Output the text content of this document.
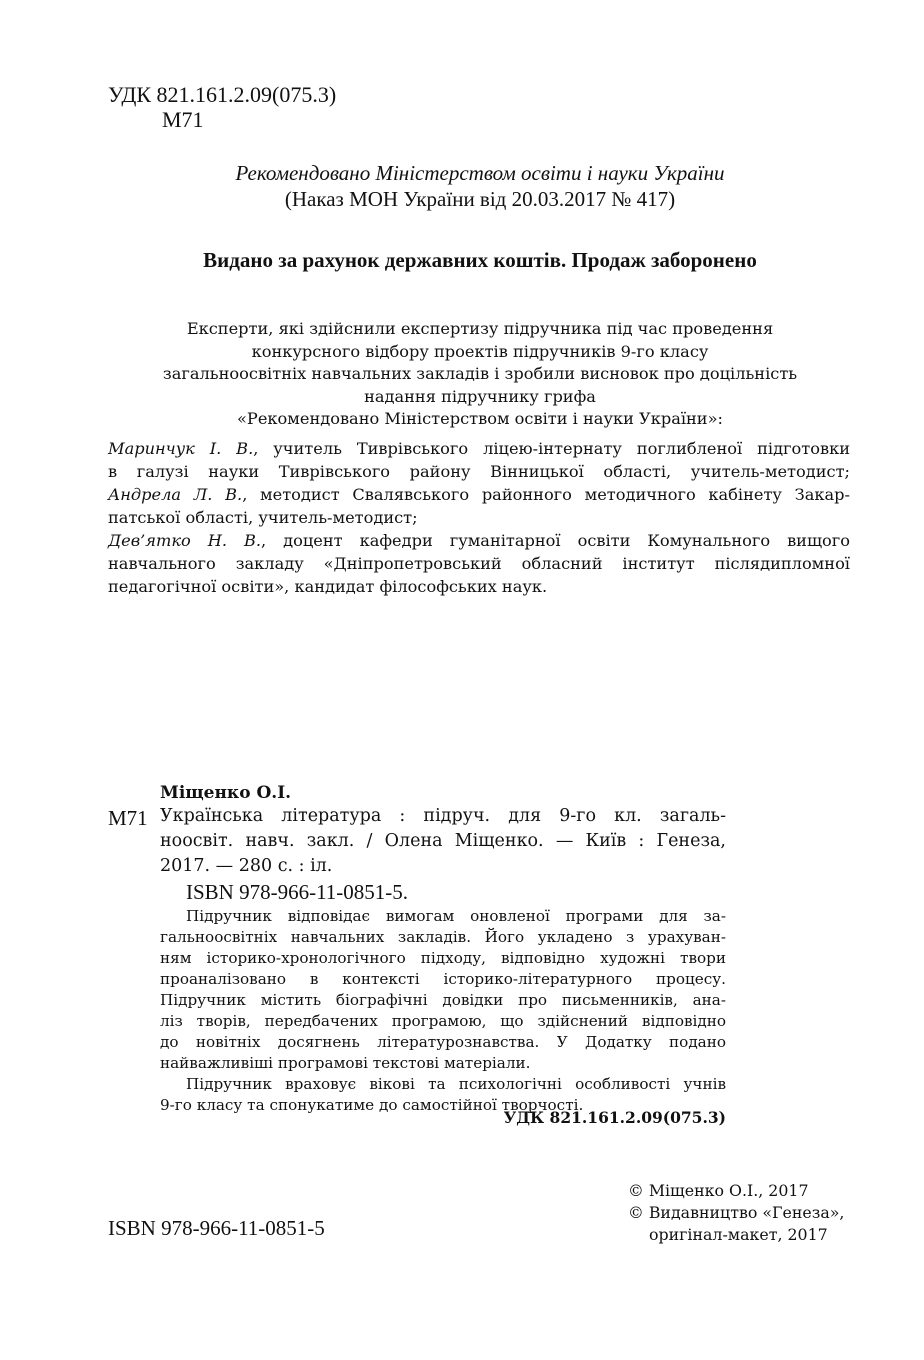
УДК 821.161.2.09(075.3)
М71
Рекомендовано Міністерством освіти і науки України
(Наказ МОН України від 20.03.2017 № 417)
Видано за рахунок державних коштів. Продаж заборонено
Експерти, які здійснили експертизу підручника під час проведення
конкурсного відбору проектів підручників 9-го класу
загальноосвітніх навчальних закладів і зробили висновок про доцільність
надання підручнику грифа
«Рекомендовано Міністерством освіти і науки України»:
Маринчук І. В., учитель Тиврівського ліцею-інтернату поглибленої підготовки
в галузі науки Тиврівського району Вінницької області, учитель-методист;
Андрела Л. В., методист Свалявського районного методичного кабінету Закар-
патської області, учитель-методист;
Дев’ятко Н. В., доцент кафедри гуманітарної освіти Комунального вищого
навчального закладу «Дніпропетровський обласний інститут післядипломної
педагогічної освіти», кандидат філософських наук.
Міщенко О.І.
М71 Українська література : підруч. для 9-го кл. загаль-
ноосвіт. навч. закл. / Олена Міщенко. — Київ : Генеза,
2017. — 280 с. : іл.
ISBN 978-966-11-0851-5.
Підручник відповідає вимогам оновленої програми для за-
гальноосвітніх навчальних закладів. Його укладено з урахуван-
ням історико-хронологічного підходу, відповідно художні твори
проаналізовано в контексті історико-літературного процесу.
Підручник містить біографічні довідки про письменників, ана-
ліз творів, передбачених програмою, що здійснений відповідно
до новітніх досягнень літературознавства. У Додатку подано
найважливіші програмові текстові матеріали.
Підручник враховує вікові та психологічні особливості учнів
9-го класу та спонукатиме до самостійної творчості.
УДК 821.161.2.09(075.3)
ISBN 978-966-11-0851-5
© Міщенко О.І., 2017
© Видавництво «Генеза»,
оригінал-макет, 2017
